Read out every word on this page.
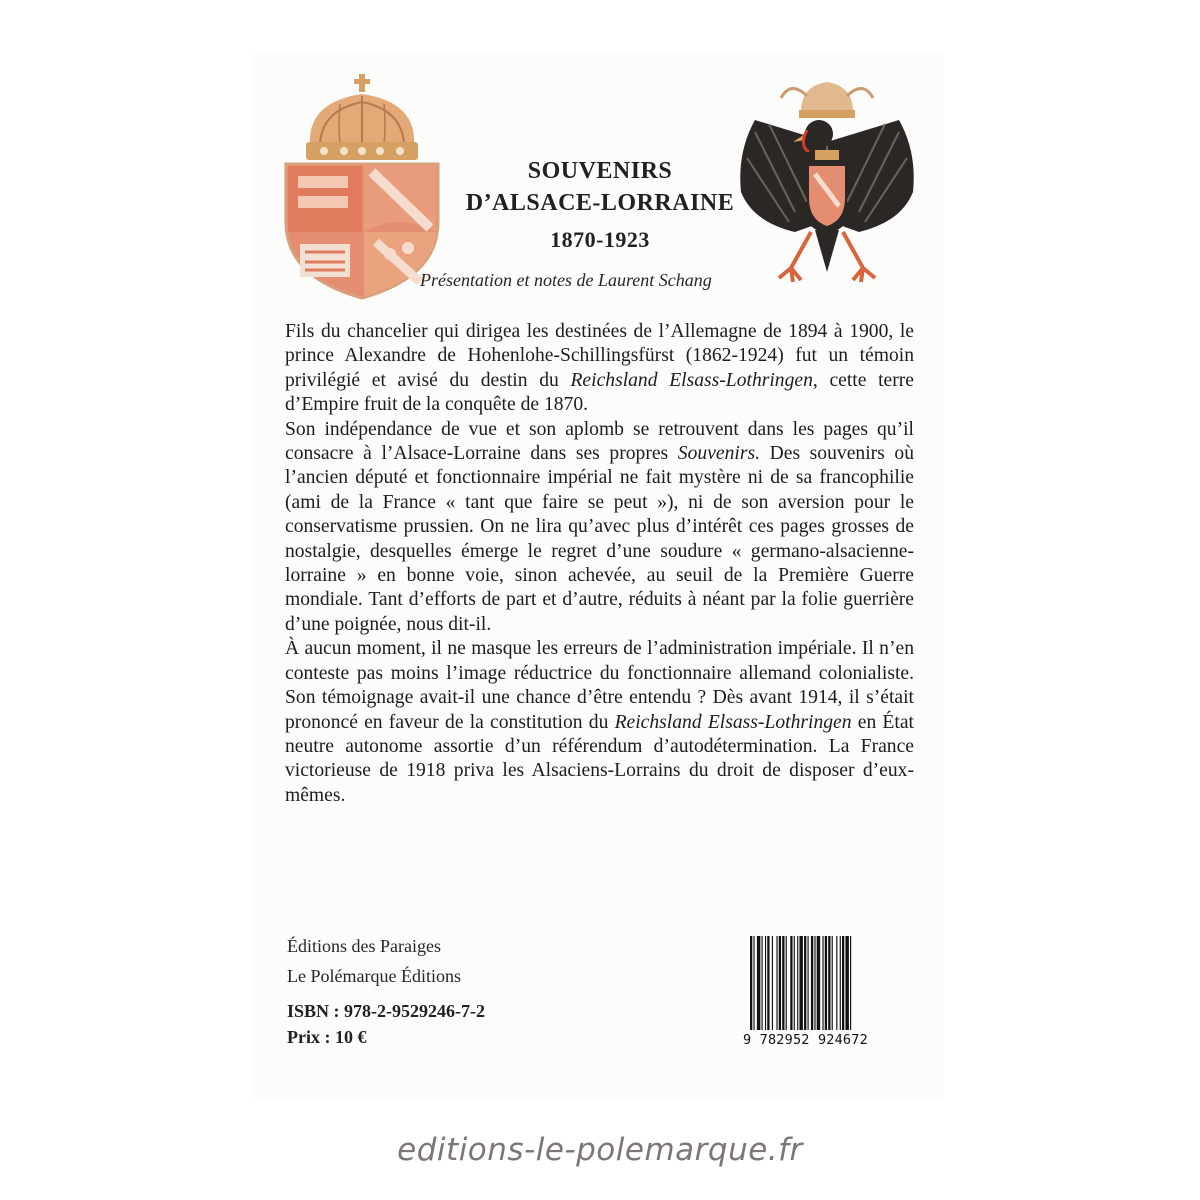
SOUVENIRS
D’ALSACE-LORRAINE
1870-1923
Présentation et notes de Laurent Schang

Fils du chancelier qui dirigea les destinées de l’Allemagne de 1894 à 1900, le prince Alexandre de Hohenlohe-Schillingsfürst (1862-1924) fut un témoin privilégié et avisé du destin du Reichsland Elsass-Lothringen, cette terre d’Empire fruit de la conquête de 1870.

Son indépendance de vue et son aplomb se retrouvent dans les pages qu’il consacre à l’Alsace-Lorraine dans ses propres Souvenirs. Des souvenirs où l’ancien député et fonctionnaire impérial ne fait mystère ni de sa francophilie (ami de la France « tant que faire se peut »), ni de son aversion pour le conservatisme prussien. On ne lira qu’avec plus d’intérêt ces pages grosses de nostalgie, desquelles émerge le regret d’une soudure « germano-alsacienne-lorraine » en bonne voie, sinon achevée, au seuil de la Première Guerre mondiale. Tant d’efforts de part et d’autre, réduits à néant par la folie guerrière d’une poignée, nous dit-il.

À aucun moment, il ne masque les erreurs de l’administration impériale. Il n’en conteste pas moins l’image réductrice du fonctionnaire allemand colonialiste. Son témoignage avait-il une chance d’être entendu ? Dès avant 1914, il s’était prononcé en faveur de la constitution du Reichsland Elsass-Lothringen en État neutre autonome assortie d’un référendum d’autodétermination. La France victorieuse de 1918 priva les Alsaciens-Lorrains du droit de disposer d’eux-mêmes.

Éditions des Paraiges
Le Polémarque Éditions
ISBN : 978-2-9529246-7-2
Prix : 10 €	9 782952 924672
editions-le-polemarque.fr
